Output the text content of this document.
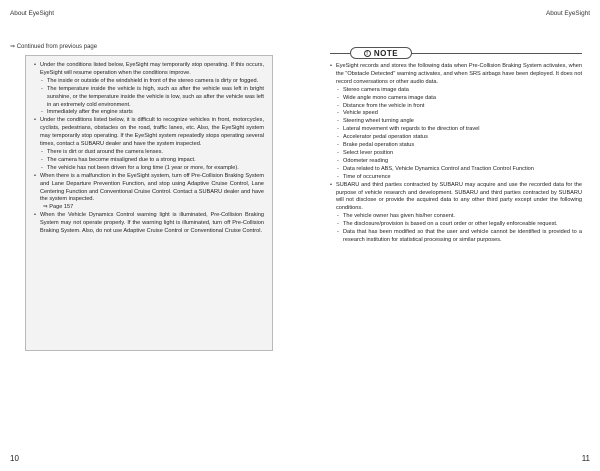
About EyeSight	About EyeSight
⇒ Continued from previous page
• Under the conditions listed below, EyeSight may temporarily stop operating. If this occurs, EyeSight will resume operation when the conditions improve.
- The inside or outside of the windshield in front of the stereo camera is dirty or fogged.
- The temperature inside the vehicle is high, such as after the vehicle was left in bright sunshine, or the temperature inside the vehicle is low, such as after the vehicle was left in an extremely cold environment.
- Immediately after the engine starts
• Under the conditions listed below, it is difficult to recognize vehicles in front, motorcycles, cyclists, pedestrians, obstacles on the road, traffic lanes, etc. Also, the EyeSight system may temporarily stop operating. If the EyeSight system repeatedly stops operating several times, contact a SUBARU dealer and have the system inspected.
- There is dirt or dust around the camera lenses.
- The camera has become misaligned due to a strong impact.
- The vehicle has not been driven for a long time (1 year or more, for example).
• When there is a malfunction in the EyeSight system, turn off Pre-Collision Braking System and Lane Departure Prevention Function, and stop using Adaptive Cruise Control, Lane Centering Function and Conventional Cruise Control. Contact a SUBARU dealer and have the system inspected.
⇒ Page 157
• When the Vehicle Dynamics Control warning light is illuminated, Pre-Collision Braking System may not operate properly. If the warning light is illuminated, turn off Pre-Collision Braking System. Also, do not use Adaptive Cruise Control or Conventional Cruise Control.
! NOTE
• EyeSight records and stores the following data when Pre-Collision Braking System activates, when the "Obstacle Detected" warning activates, and when SRS airbags have been deployed. It does not record conversations or other audio data.
- Stereo camera image data
- Wide angle mono camera image data
- Distance from the vehicle in front
- Vehicle speed
- Steering wheel turning angle
- Lateral movement with regards to the direction of travel
- Accelerator pedal operation status
- Brake pedal operation status
- Select lever position
- Odometer reading
- Data related to ABS, Vehicle Dynamics Control and Traction Control Function
- Time of occurrence
• SUBARU and third parties contracted by SUBARU may acquire and use the recorded data for the purpose of vehicle research and development. SUBARU and third parties contracted by SUBARU will not disclose or provide the acquired data to any other third party except under the following conditions.
- The vehicle owner has given his/her consent.
- The disclosure/provision is based on a court order or other legally enforceable request.
- Data that has been modified so that the user and vehicle cannot be identified is provided to a research institution for statistical processing or similar purposes.
10	11
